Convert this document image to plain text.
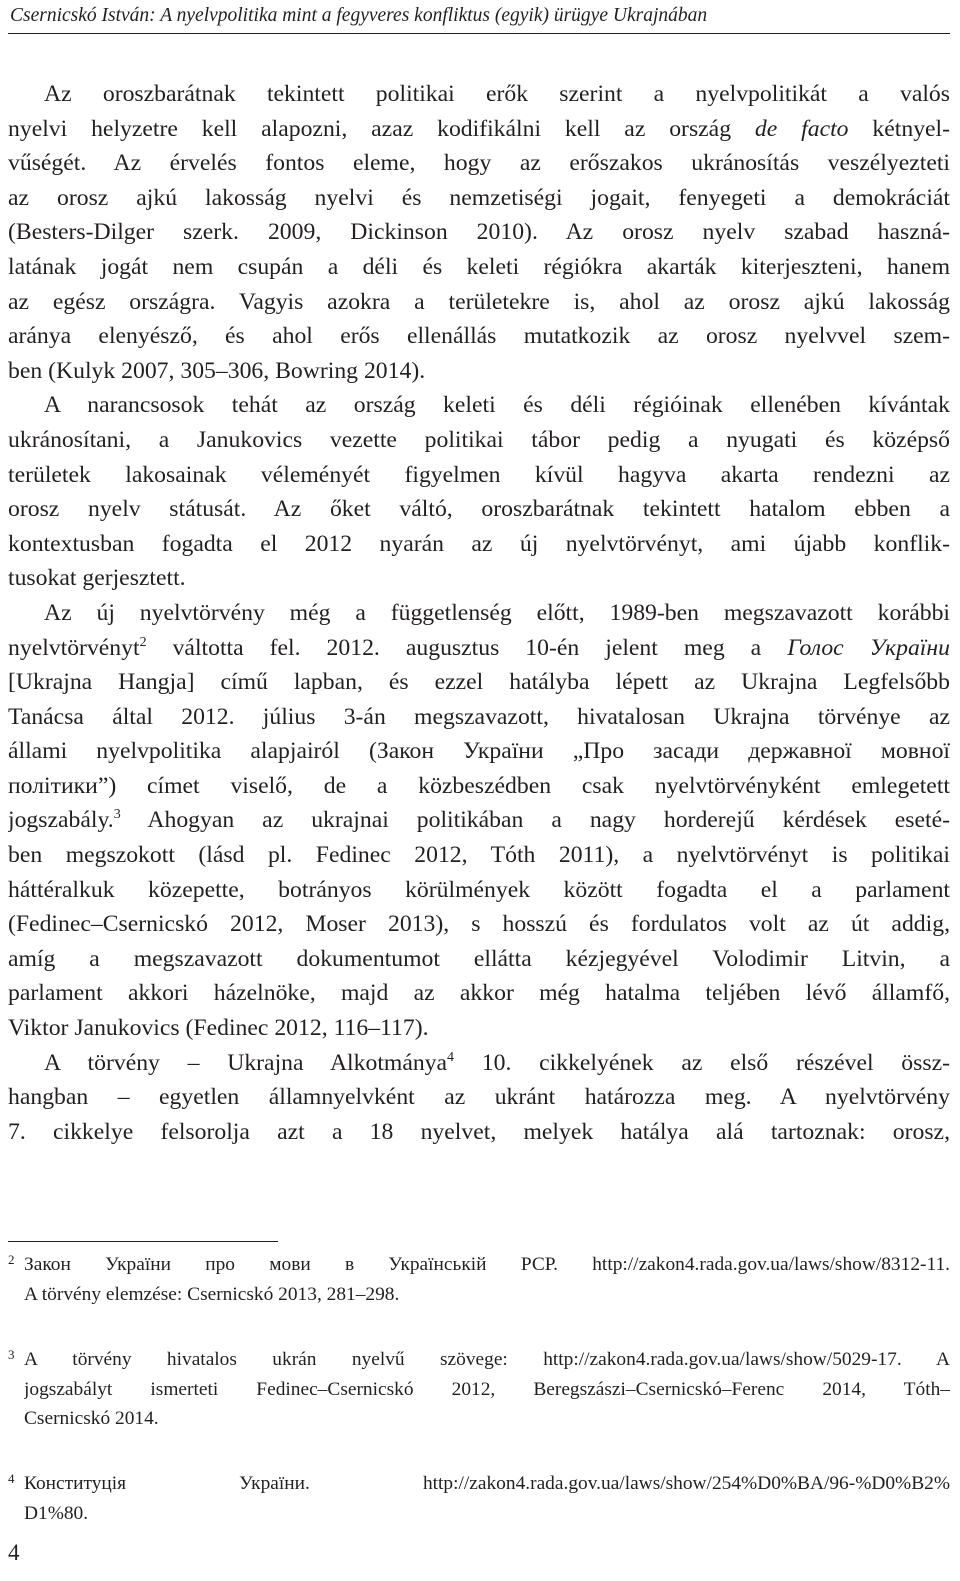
Csernicskó István: A nyelvpolitika mint a fegyveres konfliktus (egyik) ürügye Ukrajnában
Az oroszbarátnak tekintett politikai erők szerint a nyelvpolitikát a valós
nyelvi helyzetre kell alapozni, azaz kodifikálni kell az ország de facto kétnyel-
vűségét. Az érvelés fontos eleme, hogy az erőszakos ukránosítás veszélyezteti
az orosz ajkú lakosság nyelvi és nemzetiségi jogait, fenyegeti a demokráciát
(Besters-Dilger szerk. 2009, Dickinson 2010). Az orosz nyelv szabad haszná-
latának jogát nem csupán a déli és keleti régiókra akarták kiterjeszteni, hanem
az egész országra. Vagyis azokra a területekre is, ahol az orosz ajkú lakosság
aránya elenyésző, és ahol erős ellenállás mutatkozik az orosz nyelvvel szem-
ben (Kulyk 2007, 305–306, Bowring 2014).
A narancsosok tehát az ország keleti és déli régióinak ellenében kívántak
ukránosítani, a Janukovics vezette politikai tábor pedig a nyugati és középső
területek lakosainak véleményét figyelmen kívül hagyva akarta rendezni az
orosz nyelv státusát. Az őket váltó, oroszbarátnak tekintett hatalom ebben a
kontextusban fogadta el 2012 nyarán az új nyelvtörvényt, ami újabb konflik-
tusokat gerjesztett.
Az új nyelvtörvény még a függetlenség előtt, 1989-ben megszavazott korábbi
nyelvtörvényt$^2$ váltotta fel. 2012. augusztus 10-én jelent meg a Голос України
[Ukrajna Hangja] című lapban, és ezzel hatályba lépett az Ukrajna Legfelsőbb
Tanácsa által 2012. július 3-án megszavazott, hivatalosan Ukrajna törvénye az
állami nyelvpolitika alapjairól (Закон України „Про засади державної мовної
політики”) címet viselő, de a közbeszédben csak nyelvtörvényként emlegetett
jogszabály.$^3$ Ahogyan az ukrajnai politikában a nagy horderejű kérdések eseté-
ben megszokott (lásd pl. Fedinec 2012, Tóth 2011), a nyelvtörvényt is politikai
háttéralkuk közepette, botrányos körülmények között fogadta el a parlament
(Fedinec–Csernicskó 2012, Moser 2013), s hosszú és fordulatos volt az út addig,
amíg a megszavazott dokumentumot ellátta kézjegyével Volodimir Litvin, a
parlament akkori házelnöke, majd az akkor még hatalma teljében lévő államfő,
Viktor Janukovics (Fedinec 2012, 116–117).
A törvény – Ukrajna Alkotmánya$^4$ 10. cikkelyének az első részével össz-
hangban – egyetlen államnyelvként az ukránt határozza meg. A nyelvtörvény
7. cikkelye felsorolja azt a 18 nyelvet, melyek hatálya alá tartoznak: orosz,
2 Закон України про мови в Українській РСР. http://zakon4.rada.gov.ua/laws/show/8312-11.
A törvény elemzése: Csernicskó 2013, 281–298.
3 A törvény hivatalos ukrán nyelvű szövege: http://zakon4.rada.gov.ua/laws/show/5029-17. A
jogszabályt ismerteti Fedinec–Csernicskó 2012, Beregszászi–Csernicskó–Ferenc 2014, Tóth–
Csernicskó 2014.
4 Конституція України. http://zakon4.rada.gov.ua/laws/show/254%D0%BA/96-%D0%B2%
D1%80.
4
